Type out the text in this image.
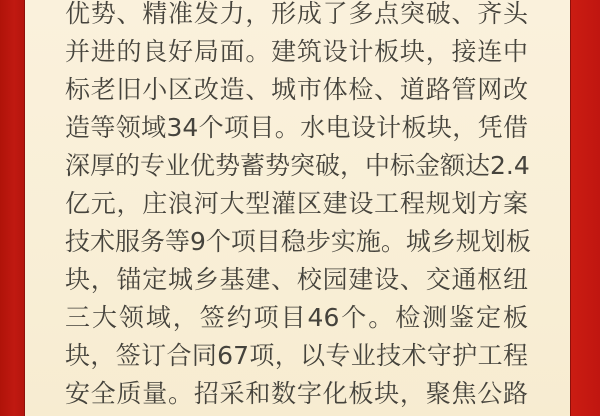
优势、精准发力，形成了多点突破、齐头
并进的良好局面。建筑设计板块，接连中
标老旧小区改造、城市体检、道路管网改
造等领域34个项目。水电设计板块，凭借
深厚的专业优势蓄势突破，中标金额达2.4
亿元，庄浪河大型灌区建设工程规划方案
技术服务等9个项目稳步实施。城乡规划板
块，锚定城乡基建、校园建设、交通枢纽
三大领域，签约项目46个。检测鉴定板
块，签订合同67项，以专业技术守护工程
安全质量。招采和数字化板块，聚焦公路
